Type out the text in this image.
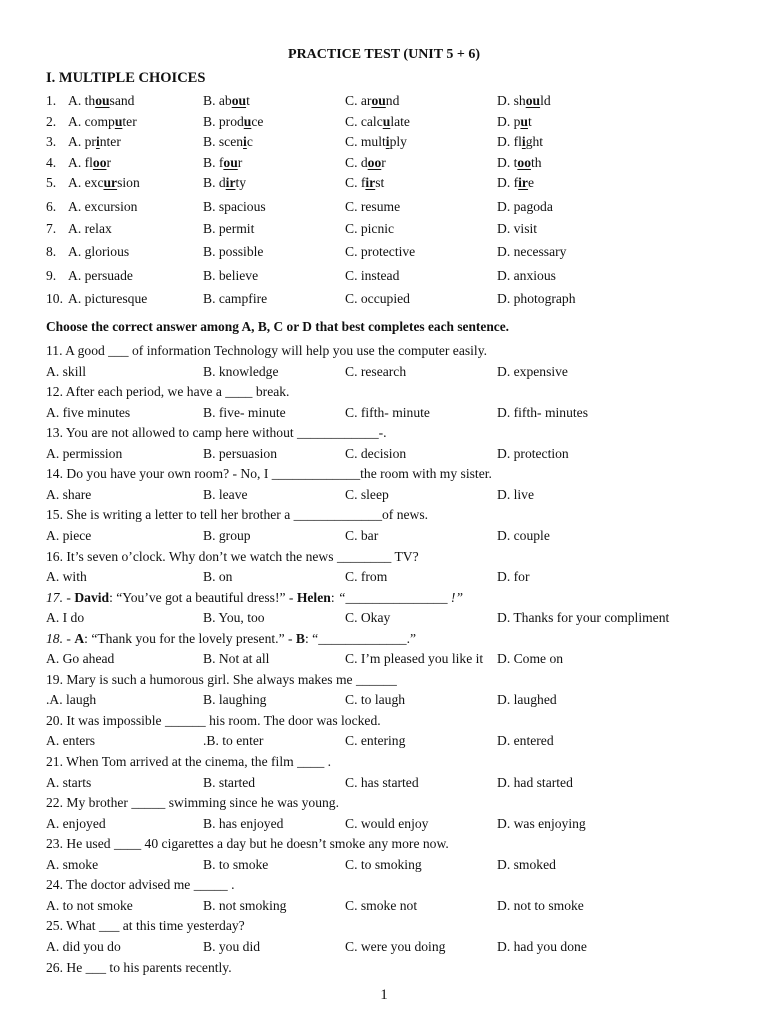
PRACTICE TEST (UNIT 5 + 6)
I. MULTIPLE CHOICES
1. A. thousand	B. about	C. around	D. should
2. A. computer	B. produce	C. calculate	D. put
3. A. printer	B. scenic	C. multiply	D. flight
4. A. floor	B. four	C. door	D. tooth
5. A. excursion	B. dirty	C. first	D. fire
6. A. excursion	B. spacious	C. resume	D. pagoda
7. A. relax	B. permit	C. picnic	D. visit
8. A. glorious	B. possible	C. protective	D. necessary
9. A. persuade	B. believe	C. instead	D. anxious
10. A. picturesque	B. campfire	C. occupied	D. photograph
Choose the correct answer among A, B, C or D that best completes each sentence.
11. A good ___ of information Technology will help you use the computer easily.
A. skill	B. knowledge	C. research	D. expensive
12. After each period, we have a ____ break.
A. five minutes	B. five- minute	C. fifth- minute	D. fifth- minutes
13. You are not allowed to camp here without ____________-.
A. permission	B. persuasion	C. decision	D. protection
14. Do you have your own room? - No, I _____________the room with my sister.
A. share	B. leave	C. sleep	D. live
15. She is writing a letter to tell her brother a _____________of news.
A. piece	B. group	C. bar	D. couple
16. It’s seven o’clock. Why don’t we watch the news ________ TV?
A. with	B. on	C. from	D. for
17. - David: “You’ve got a beautiful dress!” - Helen: “_______________ !”
A. I do	B. You, too	C. Okay	D. Thanks for your compliment
18. - A: “Thank you for the lovely present.” - B: “_____________.”
A. Go ahead	B. Not at all	C. I’m pleased you like it D. Come on
19. Mary is such a humorous girl. She always makes me ______
.A. laugh	B. laughing	C. to laugh	D. laughed
20. It was impossible ______ his room. The door was locked.
A. enters	.B. to enter	C. entering	D. entered
21. When Tom arrived at the cinema, the film ____ .
A. starts	B. started	C. has started	D. had started
22. My brother _____ swimming since he was young.
A. enjoyed	B. has enjoyed	C. would enjoy	D. was enjoying
23. He used ____ 40 cigarettes a day but he doesn’t smoke any more now.
A. smoke	B. to smoke	C. to smoking	D. smoked
24. The doctor advised me _____ .
A. to not smoke	B. not smoking	C. smoke not	D. not to smoke
25. What ___ at this time yesterday?
A. did you do	B. you did	C. were you doing	D. had you done
26. He ___ to his parents recently.
1
